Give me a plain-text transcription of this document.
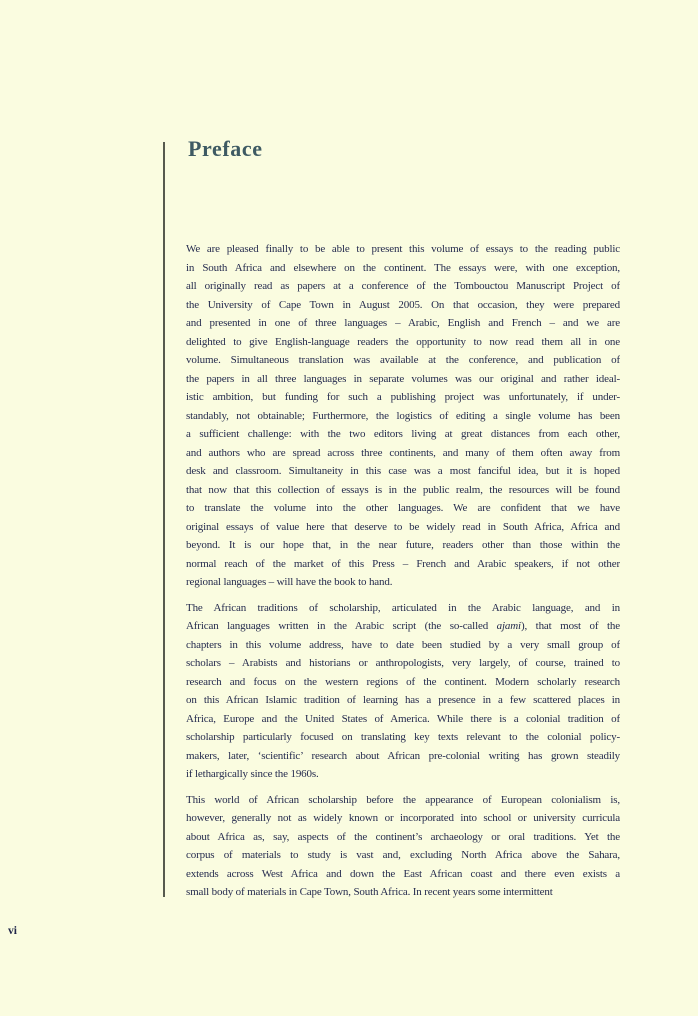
Preface

We are pleased finally to be able to present this volume of essays to the reading public
in South Africa and elsewhere on the continent. The essays were, with one exception,
all originally read as papers at a conference of the Tombouctou Manuscript Project of
the University of Cape Town in August 2005. On that occasion, they were prepared
and presented in one of three languages – Arabic, English and French – and we are
delighted to give English-language readers the opportunity to now read them all in one
volume. Simultaneous translation was available at the conference, and publication of
the papers in all three languages in separate volumes was our original and rather ideal-
istic ambition, but funding for such a publishing project was unfortunately, if under-
standably, not obtainable; Furthermore, the logistics of editing a single volume has been
a sufficient challenge: with the two editors living at great distances from each other,
and authors who are spread across three continents, and many of them often away from
desk and classroom. Simultaneity in this case was a most fanciful idea, but it is hoped
that now that this collection of essays is in the public realm, the resources will be found
to translate the volume into the other languages. We are confident that we have
original essays of value here that deserve to be widely read in South Africa, Africa and
beyond. It is our hope that, in the near future, readers other than those within the
normal reach of the market of this Press – French and Arabic speakers, if not other
regional languages – will have the book to hand.

The African traditions of scholarship, articulated in the Arabic language, and in
African languages written in the Arabic script (the so-called ajami), that most of the
chapters in this volume address, have to date been studied by a very small group of
scholars – Arabists and historians or anthropologists, very largely, of course, trained to
research and focus on the western regions of the continent. Modern scholarly research
on this African Islamic tradition of learning has a presence in a few scattered places in
Africa, Europe and the United States of America. While there is a colonial tradition of
scholarship particularly focused on translating key texts relevant to the colonial policy-
makers, later, ‘scientific’ research about African pre-colonial writing has grown steadily
if lethargically since the 1960s.

This world of African scholarship before the appearance of European colonialism is,
however, generally not as widely known or incorporated into school or university curricula
about Africa as, say, aspects of the continent’s archaeology or oral traditions. Yet the
corpus of materials to study is vast and, excluding North Africa above the Sahara,
extends across West Africa and down the East African coast and there even exists a
small body of materials in Cape Town, South Africa. In recent years some intermittent

vi
